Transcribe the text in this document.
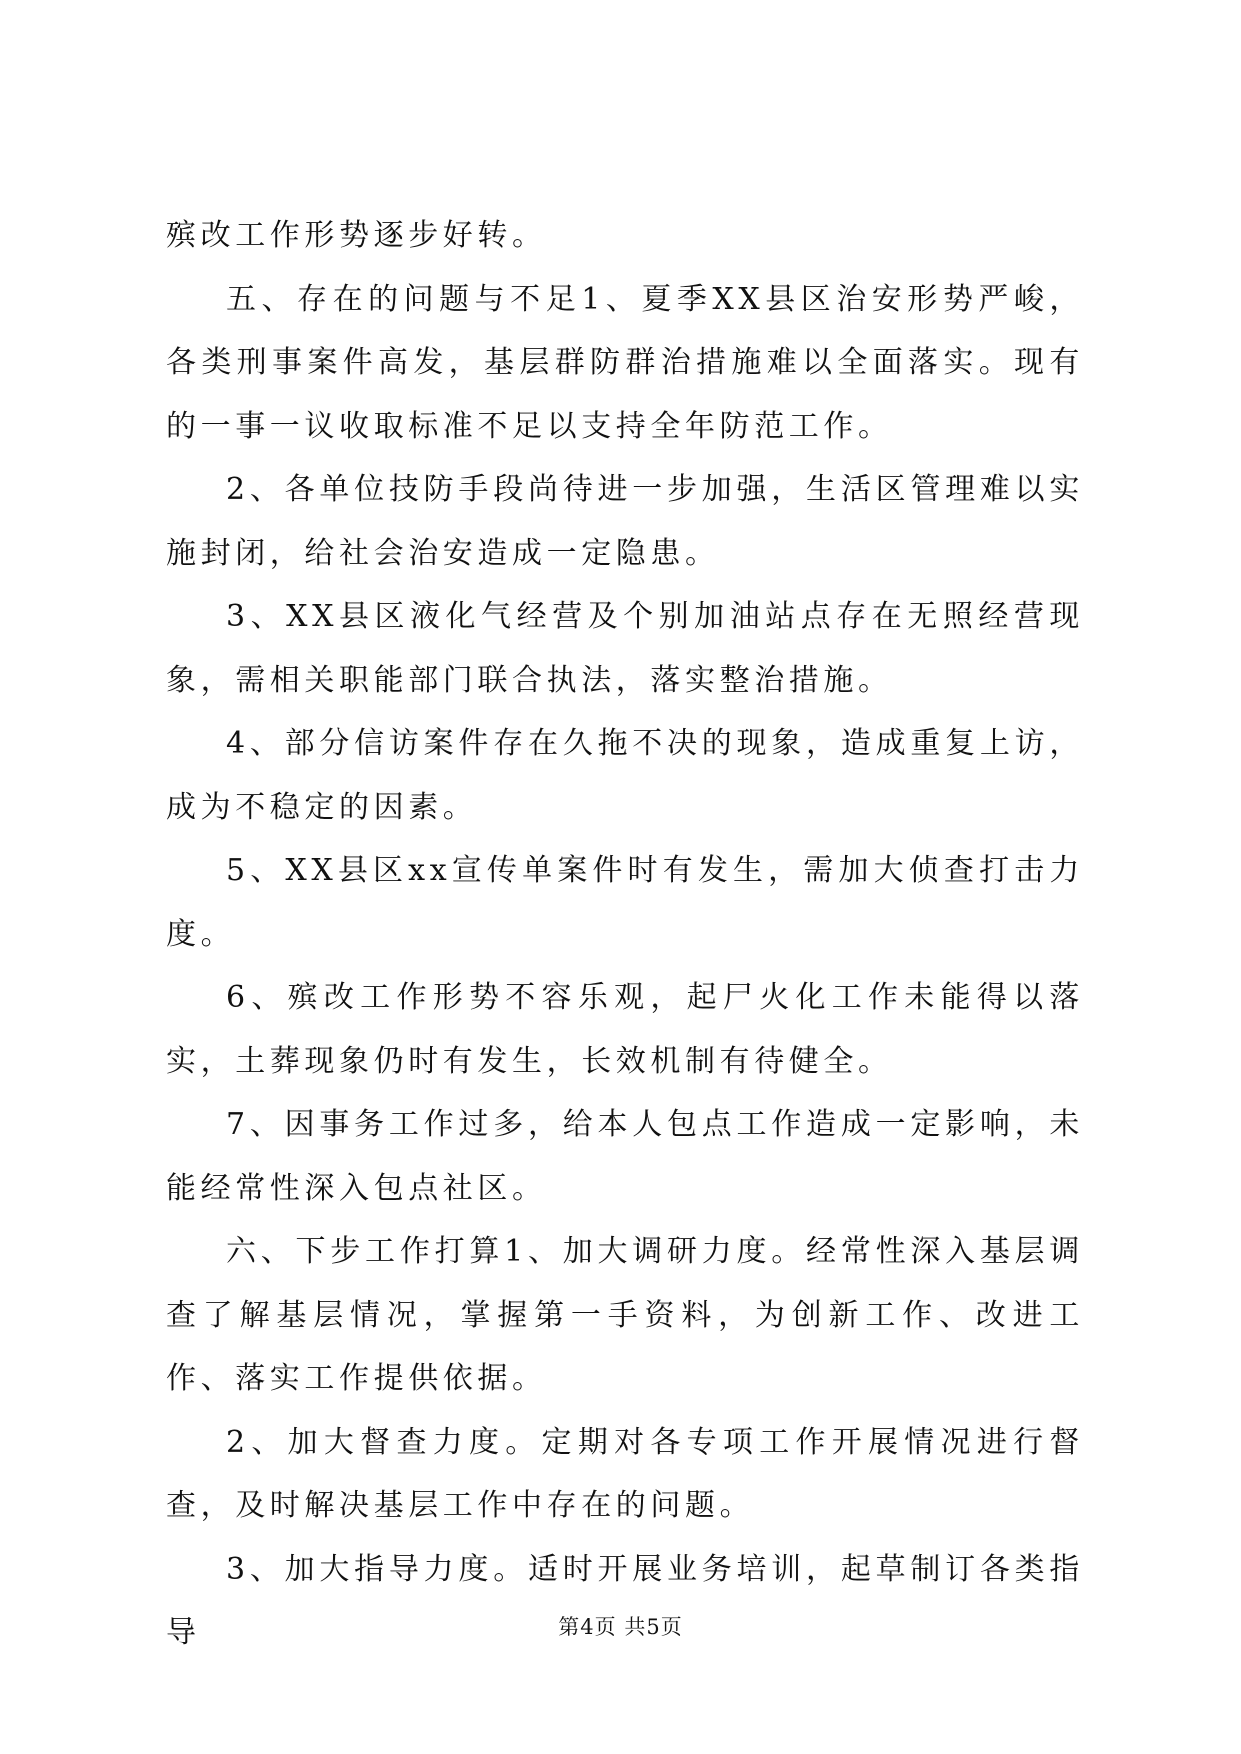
殡改工作形势逐步好转。

五、存在的问题与不足1、夏季XX县区治安形势严峻，各类刑事案件高发，基层群防群治措施难以全面落实。现有的一事一议收取标准不足以支持全年防范工作。

2、各单位技防手段尚待进一步加强，生活区管理难以实施封闭，给社会治安造成一定隐患。

3、XX县区液化气经营及个别加油站点存在无照经营现象，需相关职能部门联合执法，落实整治措施。

4、部分信访案件存在久拖不决的现象，造成重复上访，成为不稳定的因素。

5、XX县区xx宣传单案件时有发生，需加大侦查打击力度。

6、殡改工作形势不容乐观，起尸火化工作未能得以落实，土葬现象仍时有发生，长效机制有待健全。

7、因事务工作过多，给本人包点工作造成一定影响，未能经常性深入包点社区。

六、下步工作打算1、加大调研力度。经常性深入基层调查了解基层情况，掌握第一手资料，为创新工作、改进工作、落实工作提供依据。

2、加大督查力度。定期对各专项工作开展情况进行督查，及时解决基层工作中存在的问题。

3、加大指导力度。适时开展业务培训，起草制订各类指导	第4页 共5页
